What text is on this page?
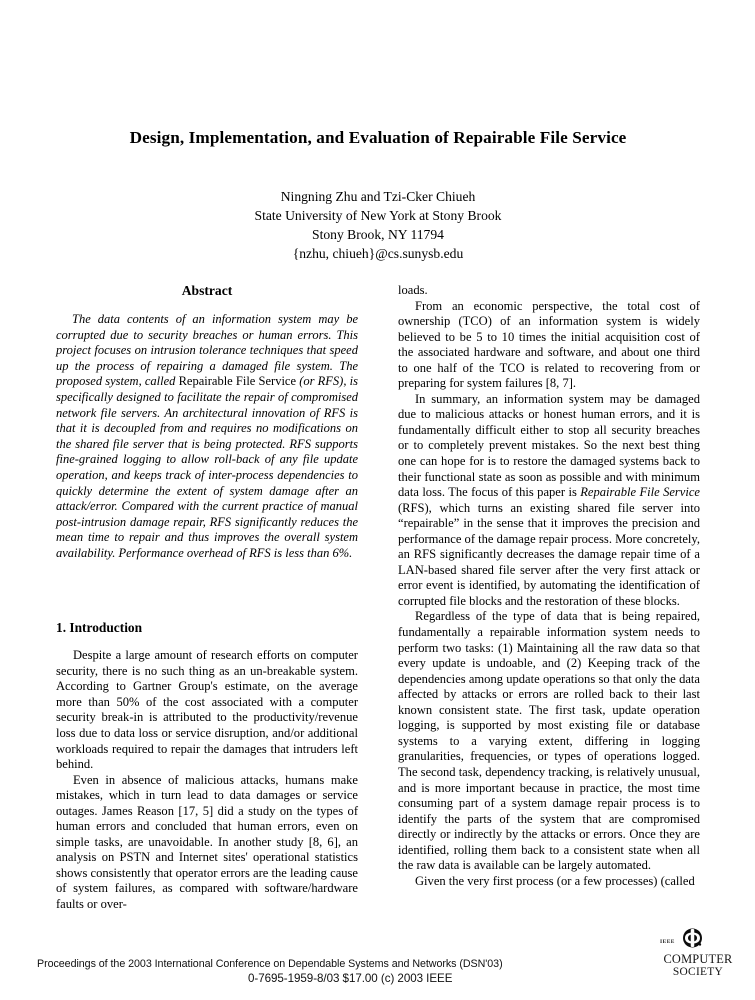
Design, Implementation, and Evaluation of Repairable File Service
Ningning Zhu and Tzi-Cker Chiueh
State University of New York at Stony Brook
Stony Brook, NY 11794
{nzhu, chiueh}@cs.sunysb.edu
Abstract

The data contents of an information system may be corrupted due to security breaches or human errors. This project focuses on intrusion tolerance techniques that speed up the process of repairing a damaged file system. The proposed system, called Repairable File Service (or RFS), is specifically designed to facilitate the repair of compromised network file servers. An architectural innovation of RFS is that it is decoupled from and requires no modifications on the shared file server that is being protected. RFS supports fine-grained logging to allow roll-back of any file update operation, and keeps track of inter-process dependencies to quickly determine the extent of system damage after an attack/error. Compared with the current practice of manual post-intrusion damage repair, RFS significantly reduces the mean time to repair and thus improves the overall system availability. Performance overhead of RFS is less than 6%.

1. Introduction

Despite a large amount of research efforts on computer security, there is no such thing as an un-breakable system. According to Gartner Group's estimate, on the average more than 50% of the cost associated with a computer security break-in is attributed to the productivity/revenue loss due to data loss or service disruption, and/or additional workloads required to repair the damages that intruders left behind.

Even in absence of malicious attacks, humans make mistakes, which in turn lead to data damages or service outages. James Reason [17, 5] did a study on the types of human errors and concluded that human errors, even on simple tasks, are unavoidable. In another study [8, 6], an analysis on PSTN and Internet sites' operational statistics shows consistently that operator errors are the leading cause of system failures, as compared with software/hardware faults or over-

loads.

From an economic perspective, the total cost of ownership (TCO) of an information system is widely believed to be 5 to 10 times the initial acquisition cost of the associated hardware and software, and about one third to one half of the TCO is related to recovering from or preparing for system failures [8, 7].

In summary, an information system may be damaged due to malicious attacks or honest human errors, and it is fundamentally difficult either to stop all security breaches or to completely prevent mistakes. So the next best thing one can hope for is to restore the damaged systems back to their functional state as soon as possible and with minimum data loss. The focus of this paper is Repairable File Service (RFS), which turns an existing shared file server into “repairable” in the sense that it improves the precision and performance of the damage repair process. More concretely, an RFS significantly decreases the damage repair time of a LAN-based shared file server after the very first attack or error event is identified, by automating the identification of corrupted file blocks and the restoration of these blocks.

Regardless of the type of data that is being repaired, fundamentally a repairable information system needs to perform two tasks: (1) Maintaining all the raw data so that every update is undoable, and (2) Keeping track of the dependencies among update operations so that only the data affected by attacks or errors are rolled back to their last known consistent state. The first task, update operation logging, is supported by most existing file or database systems to a varying extent, differing in logging granularities, frequencies, or types of operations logged. The second task, dependency tracking, is relatively unusual, and is more important because in practice, the most time consuming part of a system damage repair process is to identify the parts of the system that are compromised directly or indirectly by the attacks or errors. Once they are identified, rolling them back to a consistent state when all the raw data is available can be largely automated.

Given the very first process (or a few processes) (called

IEEE
COMPUTER
SOCIETY
Proceedings of the 2003 International Conference on Dependable Systems and Networks (DSN'03)
0-7695-1959-8/03 $17.00 (c) 2003 IEEE
